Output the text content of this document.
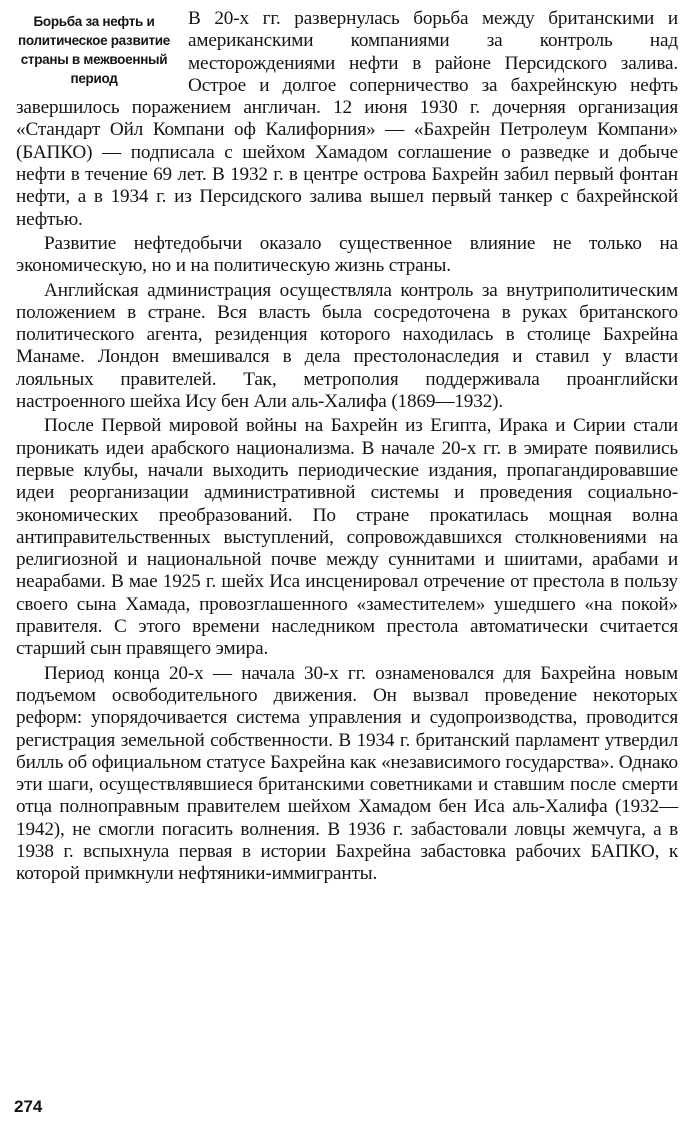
Борьба за нефть и политическое развитие страны в межвоенный период

В 20-х гг. развернулась борьба между британскими и американскими компаниями за контроль над месторождениями нефти в районе Персидского залива. Острое и долгое соперничество за бахрейнскую нефть завершилось поражением англичан. 12 июня 1930 г. дочерняя организация «Стандарт Ойл Компани оф Калифорния» — «Бахрейн Петролеум Компани» (БАПКО) — подписала с шейхом Хамадом соглашение о разведке и добыче нефти в течение 69 лет. В 1932 г. в центре острова Бахрейн забил первый фонтан нефти, а в 1934 г. из Персидского залива вышел первый танкер с бахрейнской нефтью.

Развитие нефтедобычи оказало существенное влияние не только на экономическую, но и на политическую жизнь страны.

Английская администрация осуществляла контроль за внутриполитическим положением в стране. Вся власть была сосредоточена в руках британского политического агента, резиденция которого находилась в столице Бахрейна Манаме. Лондон вмешивался в дела престолонаследия и ставил у власти лояльных правителей. Так, метрополия поддерживала проанглийски настроенного шейха Ису бен Али аль-Халифа (1869—1932).

После Первой мировой войны на Бахрейн из Египта, Ирака и Сирии стали проникать идеи арабского национализма. В начале 20-х гг. в эмирате появились первые клубы, начали выходить периодические издания, пропагандировавшие идеи реорганизации административной системы и проведения социально-экономических преобразований. По стране прокатилась мощная волна антиправительственных выступлений, сопровождавшихся столкновениями на религиозной и национальной почве между суннитами и шиитами, арабами и неарабами. В мае 1925 г. шейх Иса инсценировал отречение от престола в пользу своего сына Хамада, провозглашенного «заместителем» ушедшего «на покой» правителя. С этого времени наследником престола автоматически считается старший сын правящего эмира.

Период конца 20-х — начала 30-х гг. ознаменовался для Бахрейна новым подъемом освободительного движения. Он вызвал проведение некоторых реформ: упорядочивается система управления и судопроизводства, проводится регистрация земельной собственности. В 1934 г. британский парламент утвердил билль об официальном статусе Бахрейна как «независимого государства». Однако эти шаги, осуществлявшиеся британскими советниками и ставшим после смерти отца полноправным правителем шейхом Хамадом бен Иса аль-Халифа (1932—1942), не смогли погасить волнения. В 1936 г. забастовали ловцы жемчуга, а в 1938 г. вспыхнула первая в истории Бахрейна забастовка рабочих БАПКО, к которой примкнули нефтяники-иммигранты.

274
